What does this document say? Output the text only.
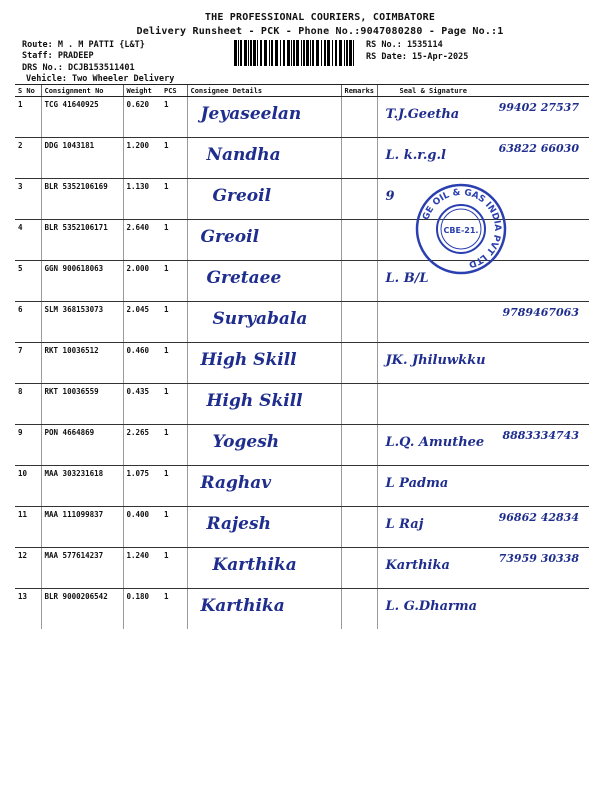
THE PROFESSIONAL COURIERS, COIMBATORE
Delivery Runsheet - PCK - Phone No.:9047080280 - Page No.:1
Route: M . M PATTI {L&T}
Staff: PRADEEP
DRS No.: DCJB153511401
Vehicle: Two Wheeler Delivery
RS No.: 1535114
RS Date: 15-Apr-2025
S No	Consignment No	Weight	PCS	Consignee Details	Remarks	Seal & Signature
1	TCG 41640925	0.620	1	Jeyaseelan		T.J.Geetha 99402 27537

2	DDG 1043181	1.200	1	Nandha		L. k.r.g.l 63822 66030

3	BLR 5352106169	1.130	1	Greoil		9

4	BLR 5352106171	2.640	1	Greoil		

5	GGN 900618063	2.000	1	Gretaee		L. B/L

6	SLM 368153073	2.045	1	Suryabala		9789467063

7	RKT 10036512	0.460	1	High Skill		JK. Jhiluwkku

8	RKT 10036559	0.435	1	High Skill		

9	PON 4664869	2.265	1	Yogesh		L.Q. Amuthee 8883334743

10	MAA 303231618	1.075	1	Raghav		L Padma

11	MAA 111099837	0.400	1	Rajesh		L Raj 96862 42834

12	MAA 577614237	1.240	1	Karthika		Karthika 73959 30338

13	BLR 9000206542	0.180	1	Karthika		L. G.Dharma
GE OIL & GAS INDIA PVT LTD
CBE-21.
